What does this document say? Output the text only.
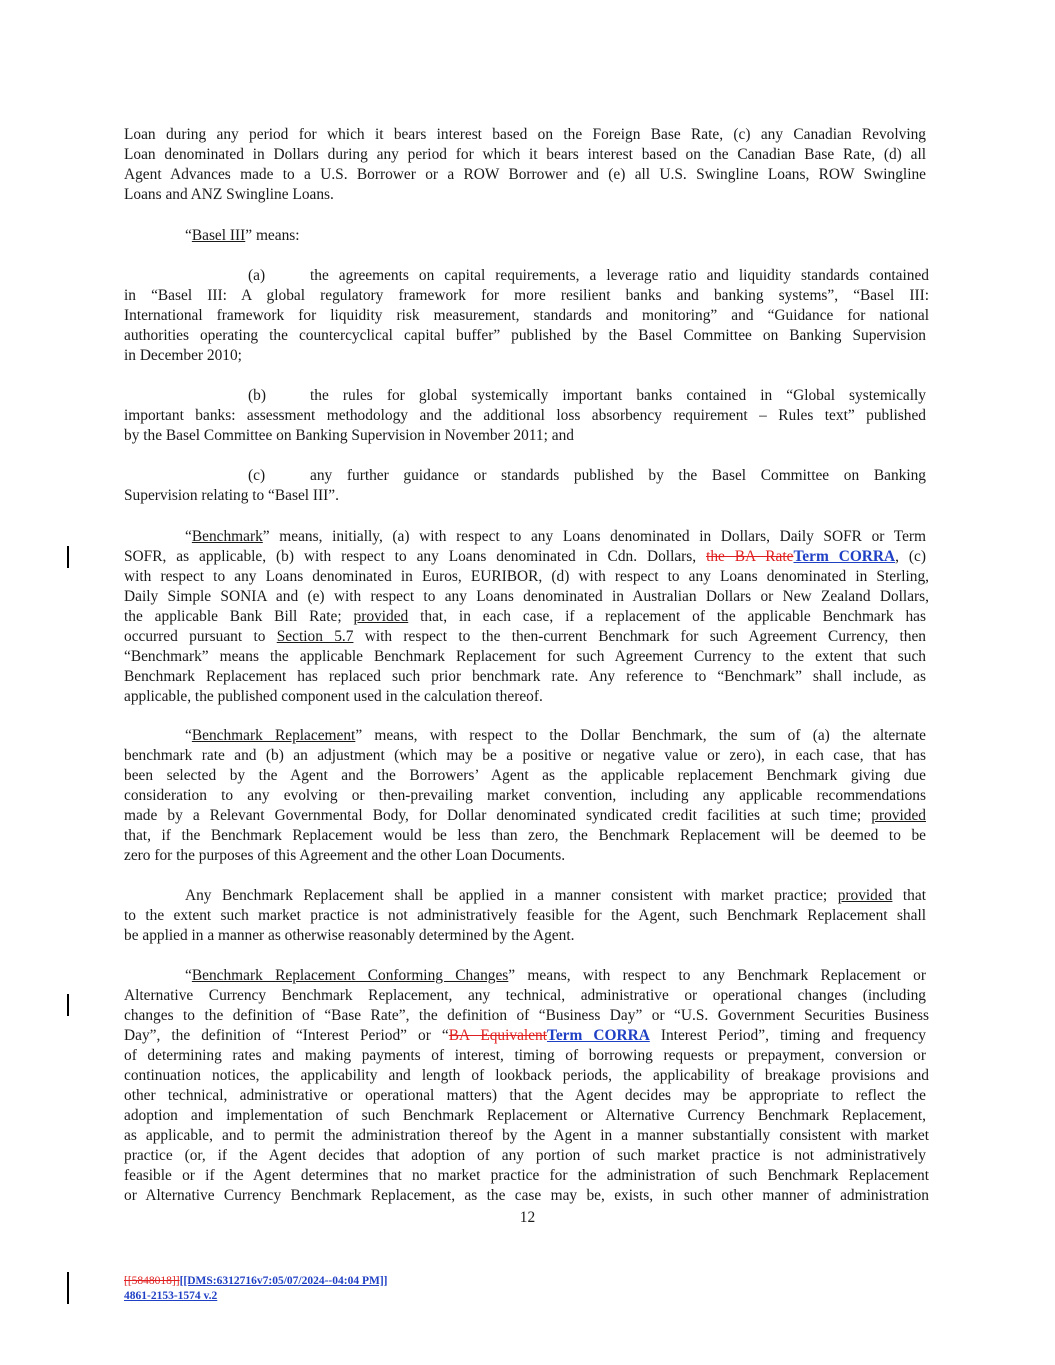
Loan during any period for which it bears interest based on the Foreign Base Rate, (c) any Canadian Revolving
Loan denominated in Dollars during any period for which it bears interest based on the Canadian Base Rate, (d) all
Agent Advances made to a U.S. Borrower or a ROW Borrower and (e) all U.S. Swingline Loans, ROW Swingline
Loans and ANZ Swingline Loans.
“Basel III” means:
(a)	the agreements on capital requirements, a leverage ratio and liquidity standards contained
in “Basel III: A global regulatory framework for more resilient banks and banking systems”, “Basel III:
International framework for liquidity risk measurement, standards and monitoring” and “Guidance for national
authorities operating the countercyclical capital buffer” published by the Basel Committee on Banking Supervision
in December 2010;
(b)	the rules for global systemically important banks contained in “Global systemically
important banks: assessment methodology and the additional loss absorbency requirement – Rules text” published
by the Basel Committee on Banking Supervision in November 2011; and
(c)	any further guidance or standards published by the Basel Committee on Banking
Supervision relating to “Basel III”.
“Benchmark” means, initially, (a) with respect to any Loans denominated in Dollars, Daily SOFR or Term
SOFR, as applicable, (b) with respect to any Loans denominated in Cdn. Dollars, the BA RateTerm CORRA, (c)
with respect to any Loans denominated in Euros, EURIBOR, (d) with respect to any Loans denominated in Sterling,
Daily Simple SONIA and (e) with respect to any Loans denominated in Australian Dollars or New Zealand Dollars,
the applicable Bank Bill Rate; provided that, in each case, if a replacement of the applicable Benchmark has
occurred pursuant to Section 5.7 with respect to the then-current Benchmark for such Agreement Currency, then
“Benchmark” means the applicable Benchmark Replacement for such Agreement Currency to the extent that such
Benchmark Replacement has replaced such prior benchmark rate. Any reference to “Benchmark” shall include, as
applicable, the published component used in the calculation thereof.
“Benchmark Replacement” means, with respect to the Dollar Benchmark, the sum of (a) the alternate
benchmark rate and (b) an adjustment (which may be a positive or negative value or zero), in each case, that has
been selected by the Agent and the Borrowers’ Agent as the applicable replacement Benchmark giving due
consideration to any evolving or then-prevailing market convention, including any applicable recommendations
made by a Relevant Governmental Body, for Dollar denominated syndicated credit facilities at such time; provided
that, if the Benchmark Replacement would be less than zero, the Benchmark Replacement will be deemed to be
zero for the purposes of this Agreement and the other Loan Documents.
Any Benchmark Replacement shall be applied in a manner consistent with market practice; provided that
to the extent such market practice is not administratively feasible for the Agent, such Benchmark Replacement shall
be applied in a manner as otherwise reasonably determined by the Agent.
“Benchmark Replacement Conforming Changes” means, with respect to any Benchmark Replacement or
Alternative Currency Benchmark Replacement, any technical, administrative or operational changes (including
changes to the definition of “Base Rate”, the definition of “Business Day” or “U.S. Government Securities Business
Day”, the definition of “Interest Period” or “BA EquivalentTerm CORRA Interest Period”, timing and frequency
of determining rates and making payments of interest, timing of borrowing requests or prepayment, conversion or
continuation notices, the applicability and length of lookback periods, the applicability of breakage provisions and
other technical, administrative or operational matters) that the Agent decides may be appropriate to reflect the
adoption and implementation of such Benchmark Replacement or Alternative Currency Benchmark Replacement,
as applicable, and to permit the administration thereof by the Agent in a manner substantially consistent with market
practice (or, if the Agent decides that adoption of any portion of such market practice is not administratively
feasible or if the Agent determines that no market practice for the administration of such Benchmark Replacement
or Alternative Currency Benchmark Replacement, as the case may be, exists, in such other manner of administration
12
[[5848018]][[DMS:6312716v7:05/07/2024--04:04 PM]]
4861-2153-1574 v.2
